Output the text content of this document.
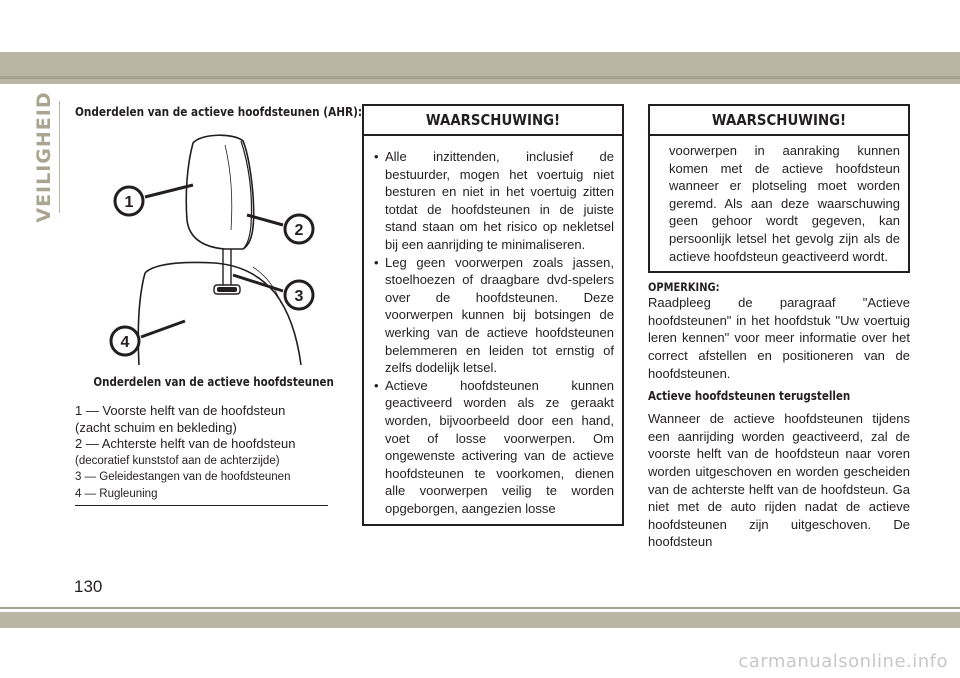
VEILIGHEID Onderdelen van de actieve hoofdsteunen (AHR):

1
2
3
4
Onderdelen van de actieve hoofdsteunen
1 — Voorste helft van de hoofdsteun
(zacht schuim en bekleding)
2 — Achterste helft van de hoofdsteun
(decoratief kunststof aan de achterzijde)
3 — Geleidestangen van de hoofdsteunen
4 — Rugleuning
WAARSCHUWING!
• Alle inzittenden, inclusief de bestuurder, mogen het voertuig niet besturen en niet in het voertuig zitten totdat de hoofdsteunen in de juiste stand staan om het risico op nekletsel bij een aanrijding te minimaliseren.
• Leg geen voorwerpen zoals jassen, stoelhoezen of draagbare dvd-spelers over de hoofdsteunen. Deze voorwerpen kunnen bij botsingen de werking van de actieve hoofdsteunen belemmeren en leiden tot ernstig of zelfs dodelijk letsel.
• Actieve hoofdsteunen kunnen geactiveerd worden als ze geraakt worden, bijvoorbeeld door een hand, voet of losse voorwerpen. Om ongewenste activering van de actieve hoofdsteunen te voorkomen, dienen alle voorwerpen veilig te worden opgeborgen, aangezien losse
WAARSCHUWING!
voorwerpen in aanraking kunnen komen met de actieve hoofdsteun wanneer er plotseling moet worden geremd. Als aan deze waarschuwing geen gehoor wordt gegeven, kan persoonlijk letsel het gevolg zijn als de actieve hoofdsteun geactiveerd wordt.
OPMERKING:

Raadpleeg de paragraaf "Actieve hoofdsteunen" in het hoofdstuk "Uw voertuig leren kennen" voor meer informatie over het correct afstellen en positioneren van de hoofdsteunen.

Actieve hoofdsteunen terugstellen

Wanneer de actieve hoofdsteunen tijdens een aanrijding worden geactiveerd, zal de voorste helft van de hoofdsteun naar voren worden uitgeschoven en worden gescheiden van de achterste helft van de hoofdsteun. Ga niet met de auto rijden nadat de actieve hoofdsteunen zijn uitgeschoven. De hoofdsteun

130
carmanualsonline.info
